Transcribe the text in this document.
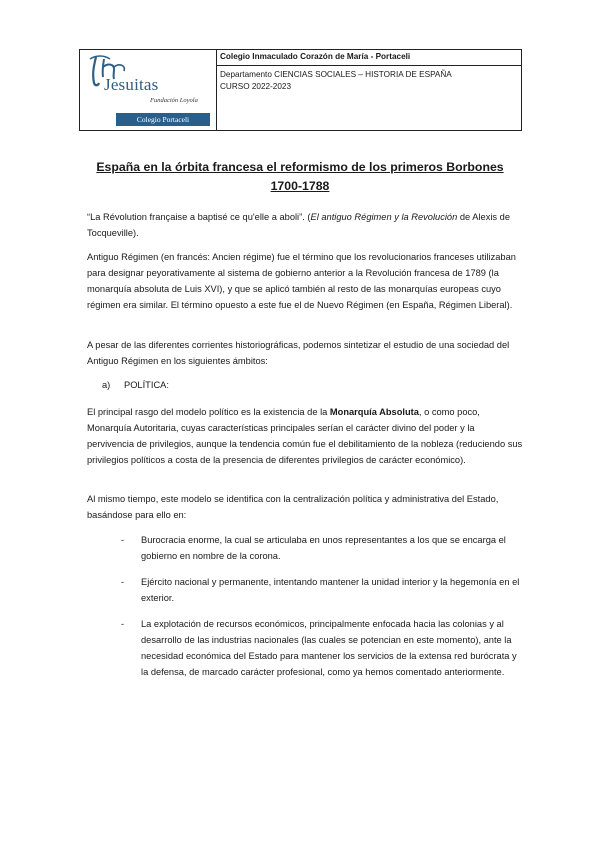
Jesuitas
Fundación Loyola
Colegio Portaceli
Colegio Inmaculado Corazón de María - Portaceli
Departamento CIENCIAS SOCIALES – HISTORIA DE ESPAÑA
CURSO 2022-2023
España en la órbita francesa el reformismo de los primeros Borbones
1700-1788
“La Révolution française a baptisé ce qu'elle a aboli”. (El antiguo Régimen y la Revolución de Alexis de Tocqueville).
Antiguo Régimen (en francés: Ancien régime) fue el término que los revolucionarios franceses utilizaban para designar peyorativamente al sistema de gobierno anterior a la Revolución francesa de 1789 (la monarquía absoluta de Luis XVI), y que se aplicó también al resto de las monarquías europeas cuyo régimen era similar. El término opuesto a este fue el de Nuevo Régimen (en España, Régimen Liberal).
A pesar de las diferentes corrientes historiográficas, podemos sintetizar el estudio de una sociedad del Antiguo Régimen en los siguientes ámbitos:
a) POLÍTICA:
El principal rasgo del modelo político es la existencia de la Monarquía Absoluta, o como poco, Monarquía Autoritaria, cuyas características principales serían el carácter divino del poder y la pervivencia de privilegios, aunque la tendencia común fue el debilitamiento de la nobleza (reduciendo sus privilegios políticos a costa de la presencia de diferentes privilegios de carácter económico).
Al mismo tiempo, este modelo se identifica con la centralización política y administrativa del Estado, basándose para ello en:
- Burocracia enorme, la cual se articulaba en unos representantes a los que se encarga el gobierno en nombre de la corona.
- Ejército nacional y permanente, intentando mantener la unidad interior y la hegemonía en el exterior.
- La explotación de recursos económicos, principalmente enfocada hacia las colonias y al desarrollo de las industrias nacionales (las cuales se potencian en este momento), ante la necesidad económica del Estado para mantener los servicios de la extensa red burócrata y la defensa, de marcado carácter profesional, como ya hemos comentado anteriormente.
